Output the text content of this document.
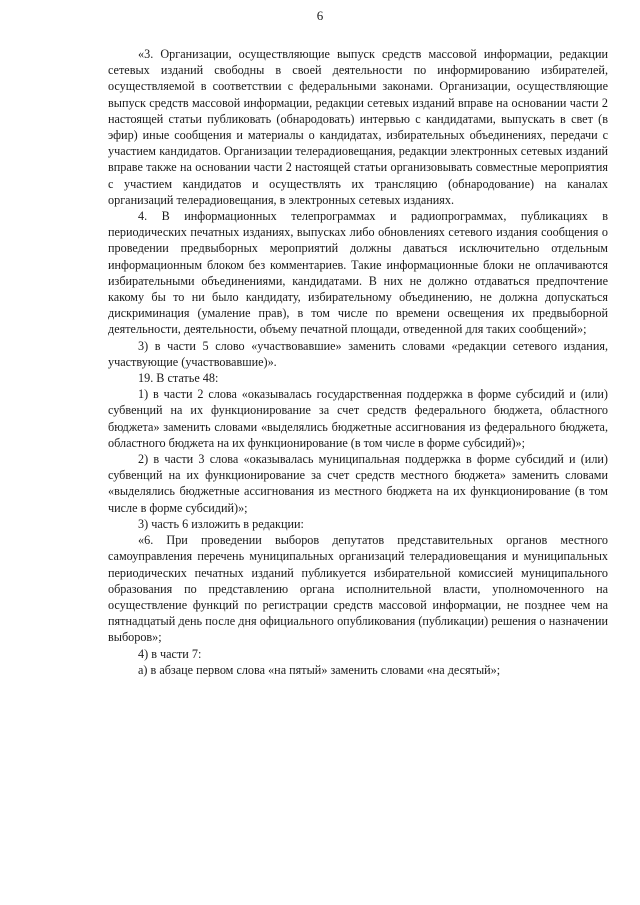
6

«3. Организации, осуществляющие выпуск средств массовой информации, редакции сетевых изданий свободны в своей деятельности по информированию избирателей, осуществляемой в соответствии с федеральными законами. Организации, осуществляющие выпуск средств массовой информации, редакции сетевых изданий вправе на основании части 2 настоящей статьи публиковать (обнародовать) интервью с кандидатами, выпускать в свет (в эфир) иные сообщения и материалы о кандидатах, избирательных объединениях, передачи с участием кандидатов. Организации телерадиовещания, редакции электронных сетевых изданий вправе также на основании части 2 настоящей статьи организовывать совместные мероприятия с участием кандидатов и осуществлять их трансляцию (обнародование) на каналах организаций телерадиовещания, в электронных сетевых изданиях.

4. В информационных телепрограммах и радиопрограммах, публикациях в периодических печатных изданиях, выпусках либо обновлениях сетевого издания сообщения о проведении предвыборных мероприятий должны даваться исключительно отдельным информационным блоком без комментариев. Такие информационные блоки не оплачиваются избирательными объединениями, кандидатами. В них не должно отдаваться предпочтение какому бы то ни было кандидату, избирательному объединению, не должна допускаться дискриминация (умаление прав), в том числе по времени освещения их предвыборной деятельности, деятельности, объему печатной площади, отведенной для таких сообщений»;

3) в части 5 слово «участвовавшие» заменить словами «редакции сетевого издания, участвующие (участвовавшие)».

19. В статье 48:

1) в части 2 слова «оказывалась государственная поддержка в форме субсидий и (или) субвенций на их функционирование за счет средств федерального бюджета, областного бюджета» заменить словами «выделялись бюджетные ассигнования из федерального бюджета, областного бюджета на их функционирование (в том числе в форме субсидий)»;

2) в части 3 слова «оказывалась муниципальная поддержка в форме субсидий и (или) субвенций на их функционирование за счет средств местного бюджета» заменить словами «выделялись бюджетные ассигнования из местного бюджета на их функционирование (в том числе в форме субсидий)»;

3) часть 6 изложить в редакции:

«6. При проведении выборов депутатов представительных органов местного самоуправления перечень муниципальных организаций телерадиовещания и муниципальных периодических печатных изданий публикуется избирательной комиссией муниципального образования по представлению органа исполнительной власти, уполномоченного на осуществление функций по регистрации средств массовой информации, не позднее чем на пятнадцатый день после дня официального опубликования (публикации) решения о назначении выборов»;

4) в части 7:

а) в абзаце первом слова «на пятый» заменить словами «на десятый»;
